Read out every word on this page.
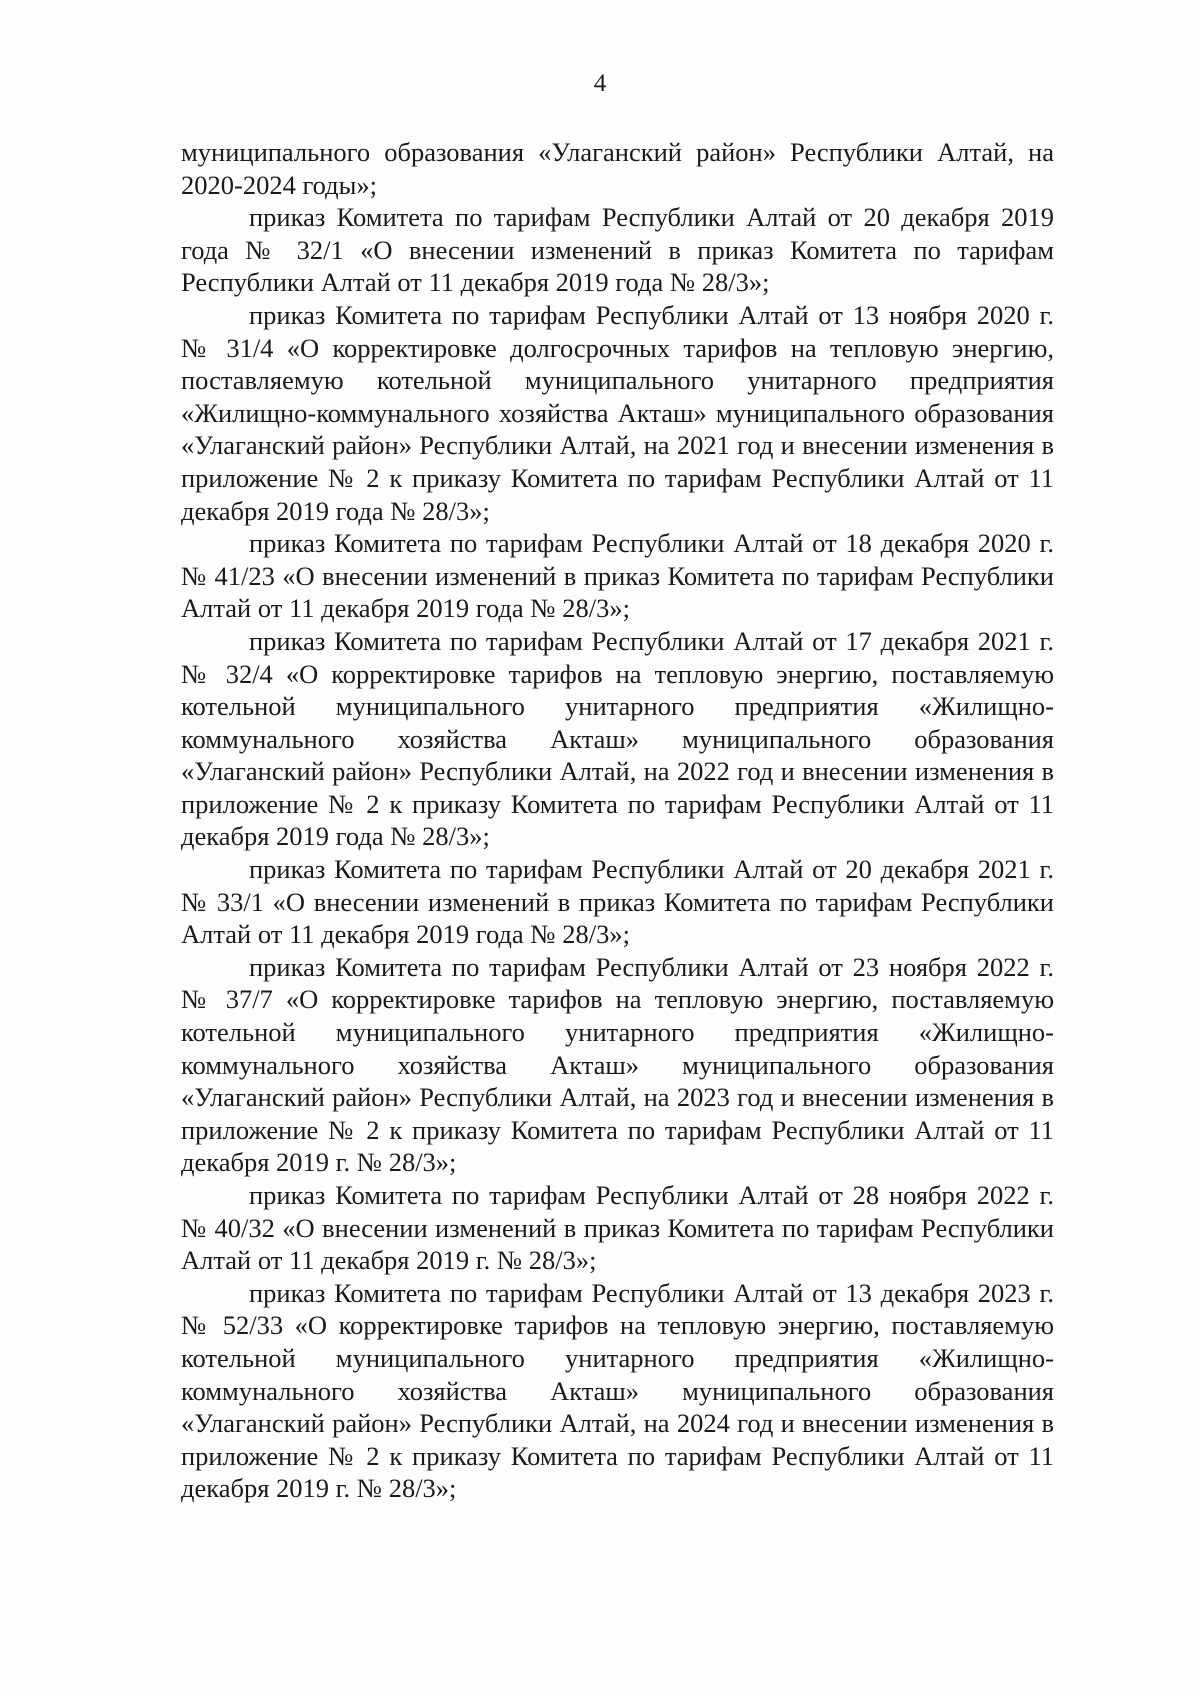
4

муниципального образования «Улаганский район» Республики Алтай, на 2020-2024 годы»;

приказ Комитета по тарифам Республики Алтай от 20 декабря 2019 года № 32/1 «О внесении изменений в приказ Комитета по тарифам Республики Алтай от 11 декабря 2019 года № 28/3»;

приказ Комитета по тарифам Республики Алтай от 13 ноября 2020 г. № 31/4 «О корректировке долгосрочных тарифов на тепловую энергию, поставляемую котельной муниципального унитарного предприятия «Жилищно-коммунального хозяйства Акташ» муниципального образования «Улаганский район» Республики Алтай, на 2021 год и внесении изменения в приложение № 2 к приказу Комитета по тарифам Республики Алтай от 11 декабря 2019 года № 28/3»;

приказ Комитета по тарифам Республики Алтай от 18 декабря 2020 г. № 41/23 «О внесении изменений в приказ Комитета по тарифам Республики Алтай от 11 декабря 2019 года № 28/3»;

приказ Комитета по тарифам Республики Алтай от 17 декабря 2021 г. № 32/4 «О корректировке тарифов на тепловую энергию, поставляемую котельной муниципального унитарного предприятия «Жилищно-коммунального хозяйства Акташ» муниципального образования «Улаганский район» Республики Алтай, на 2022 год и внесении изменения в приложение № 2 к приказу Комитета по тарифам Республики Алтай от 11 декабря 2019 года № 28/3»;

приказ Комитета по тарифам Республики Алтай от 20 декабря 2021 г. № 33/1 «О внесении изменений в приказ Комитета по тарифам Республики Алтай от 11 декабря 2019 года № 28/3»;

приказ Комитета по тарифам Республики Алтай от 23 ноября 2022 г. № 37/7 «О корректировке тарифов на тепловую энергию, поставляемую котельной муниципального унитарного предприятия «Жилищно-коммунального хозяйства Акташ» муниципального образования «Улаганский район» Республики Алтай, на 2023 год и внесении изменения в приложение № 2 к приказу Комитета по тарифам Республики Алтай от 11 декабря 2019 г. № 28/3»;

приказ Комитета по тарифам Республики Алтай от 28 ноября 2022 г. № 40/32 «О внесении изменений в приказ Комитета по тарифам Республики Алтай от 11 декабря 2019 г. № 28/3»;

приказ Комитета по тарифам Республики Алтай от 13 декабря 2023 г. № 52/33 «О корректировке тарифов на тепловую энергию, поставляемую котельной муниципального унитарного предприятия «Жилищно-коммунального хозяйства Акташ» муниципального образования «Улаганский район» Республики Алтай, на 2024 год и внесении изменения в приложение № 2 к приказу Комитета по тарифам Республики Алтай от 11 декабря 2019 г. № 28/3»;
